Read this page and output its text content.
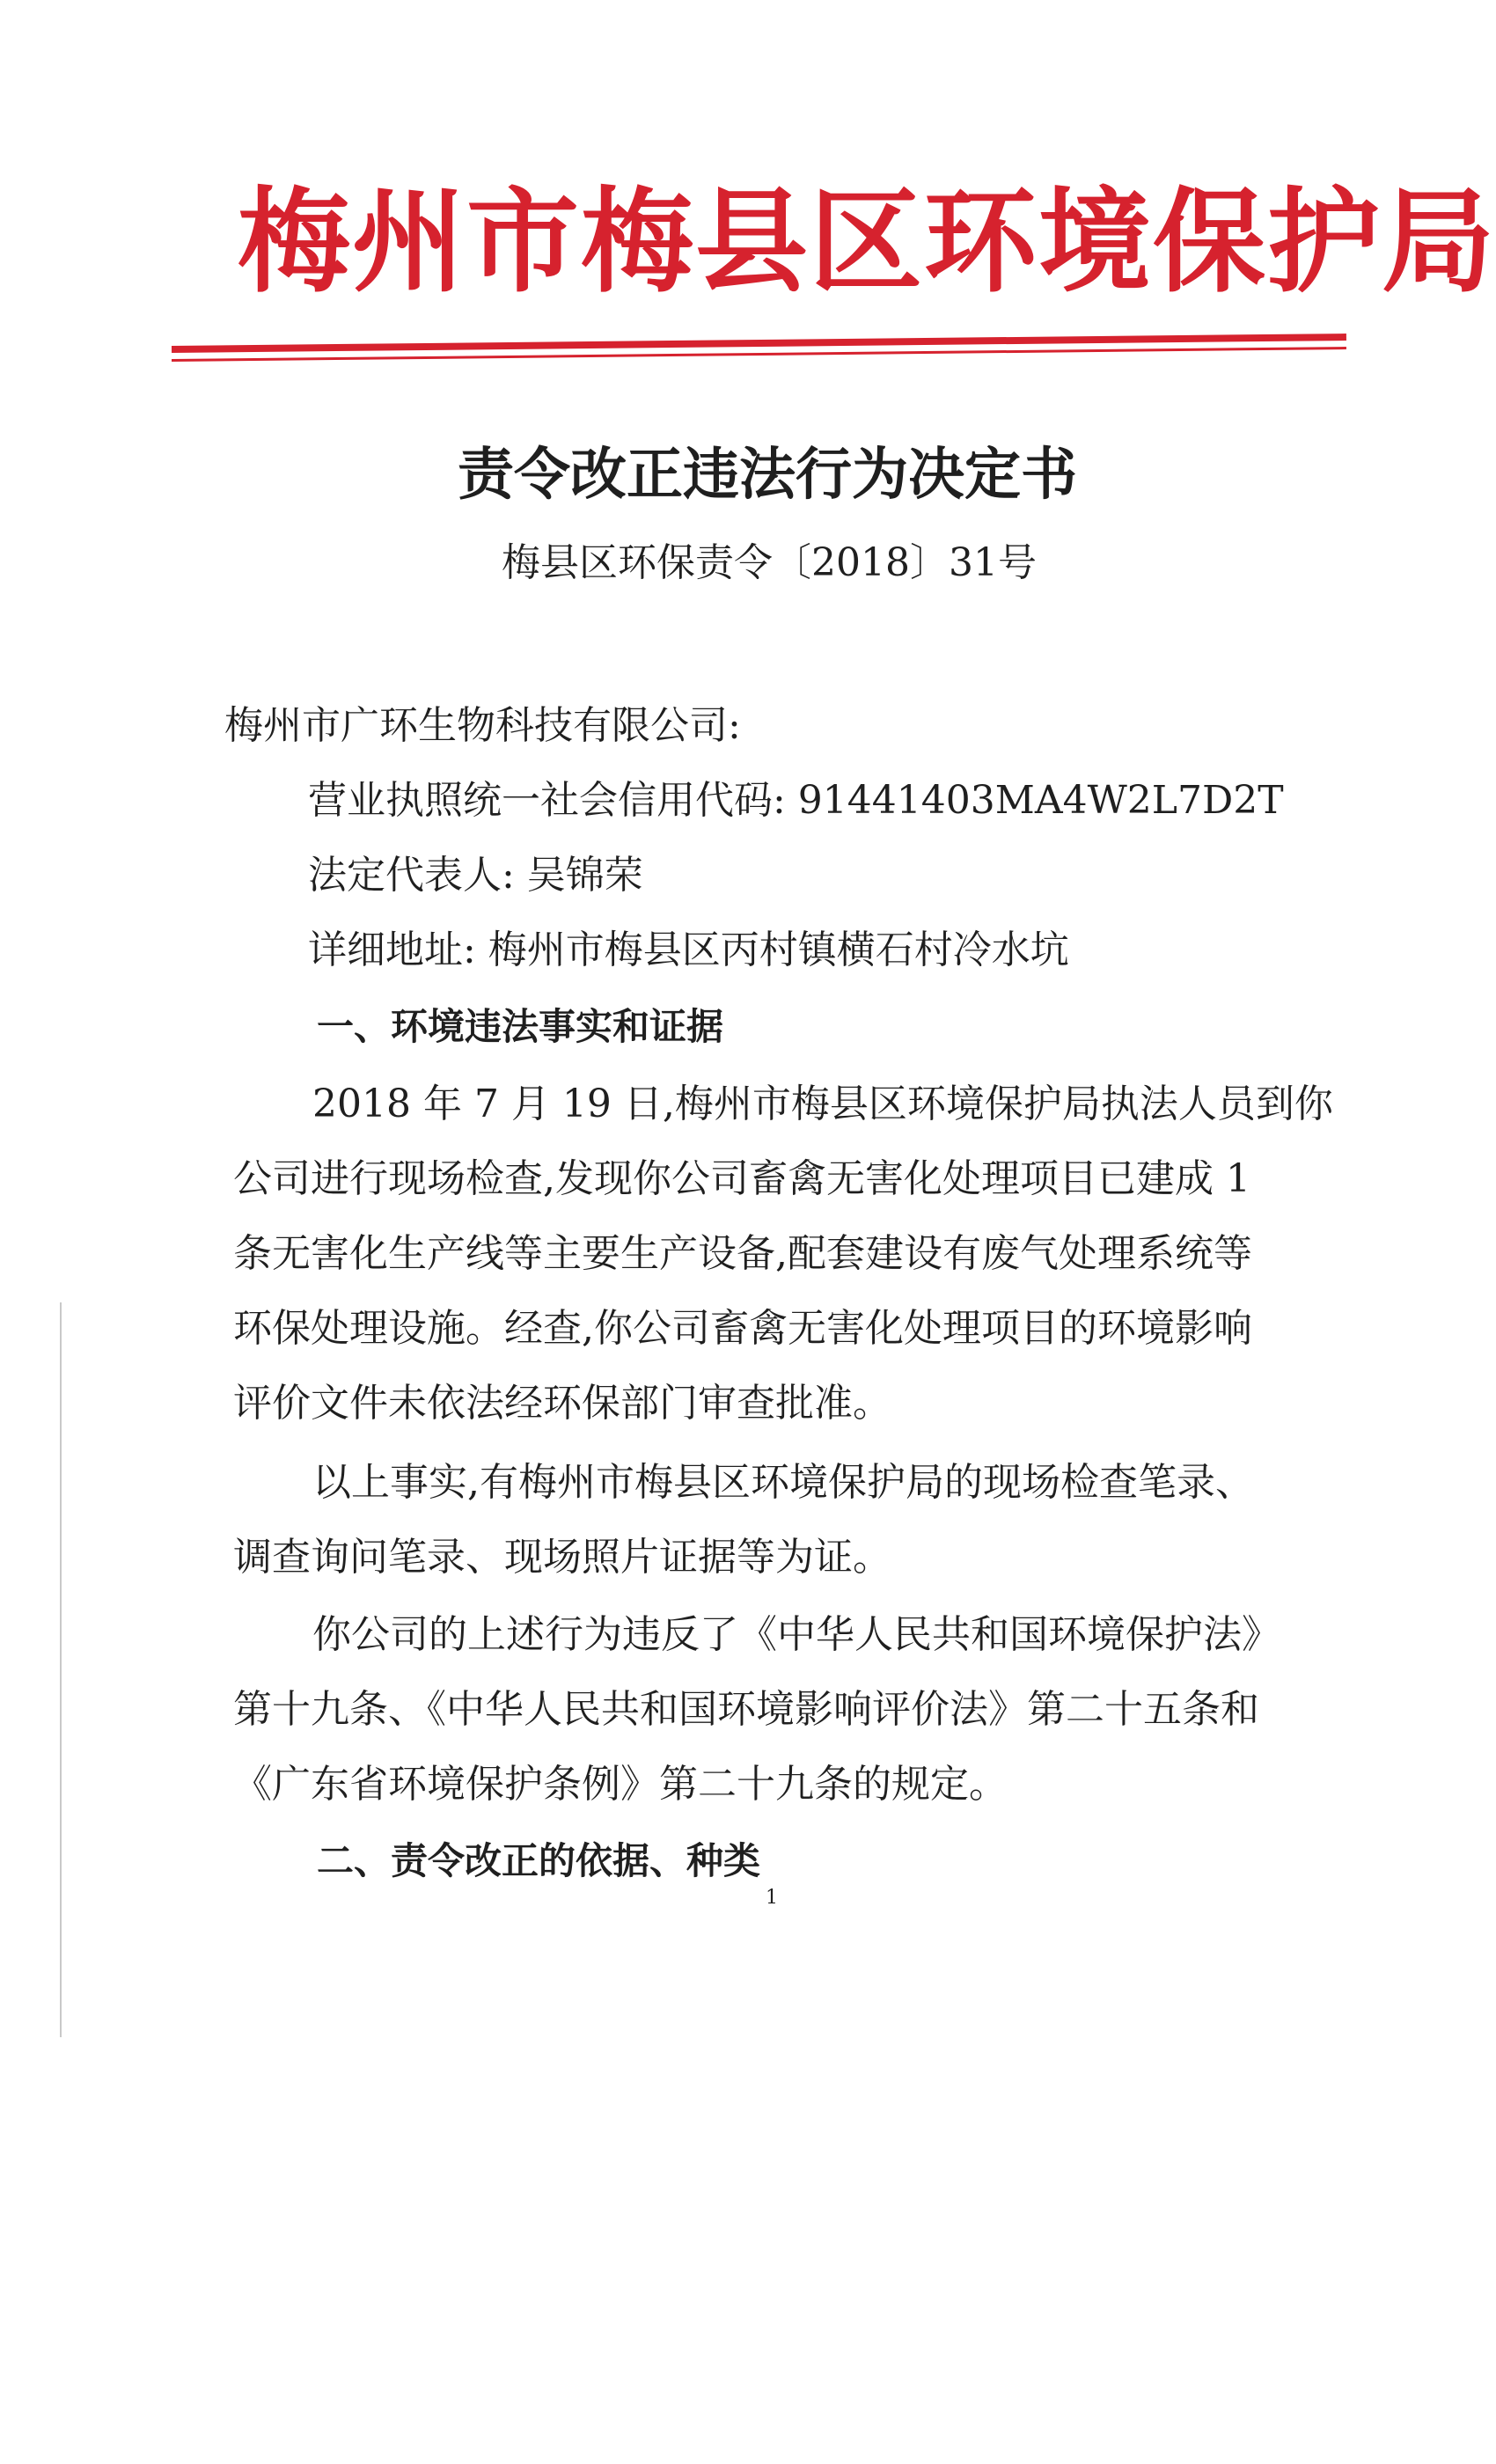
梅州市梅县区环境保护局
责令改正违法行为决定书
梅县区环保责令〔2018〕31号
梅州市广环生物科技有限公司:
营业执照统一社会信用代码: 91441403MA4W2L7D2T
法定代表人: 吴锦荣
详细地址: 梅州市梅县区丙村镇横石村冷水坑
一、环境违法事实和证据
2018 年 7 月 19 日,梅州市梅县区环境保护局执法人员到你
公司进行现场检查,发现你公司畜禽无害化处理项目已建成 1
条无害化生产线等主要生产设备,配套建设有废气处理系统等
环保处理设施。经查,你公司畜禽无害化处理项目的环境影响
评价文件未依法经环保部门审查批准。
以上事实,有梅州市梅县区环境保护局的现场检查笔录、
调查询问笔录、现场照片证据等为证。
你公司的上述行为违反了《中华人民共和国环境保护法》
第十九条、《中华人民共和国环境影响评价法》第二十五条和
《广东省环境保护条例》第二十九条的规定。
二、责令改正的依据、种类
1
